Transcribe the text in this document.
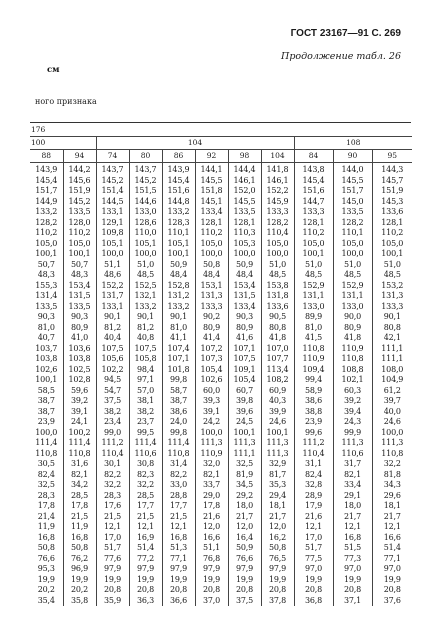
ГОСТ 23167—91 С. 269
Продолжение табл. 26
см
ного признака
176										
100		104						108		
88	94	74	80	86	92	98	104	84	90	95
143,9	144,2	143,7	143,7	143,9	144,1	144,4	141,8	143,8	144,0	144,3
145,4	145,6	145,2	145,2	145,4	145,5	146,1	146,1	145,4	145,5	145,7
151,7	151,9	151,4	151,5	151,6	151,8	152,0	152,2	151,6	151,7	151,9
144,9	145,2	144,5	144,6	144,8	145,1	145,5	145,9	144,7	145,0	145,3
133,2	133,5	133,1	133,0	133,2	133,4	133,5	133,3	133,3	133,5	133,6
128,2	128,0	129,1	128,6	128,3	128,1	128,1	128,2	128,1	128,2	128,1
110,2	110,2	109,8	110,0	110,1	110,2	110,3	110,4	110,2	110,1	110,2
105,0	105,0	105,1	105,1	105,1	105,0	105,3	105,0	105,0	105,0	105,0
100,1	100,1	100,0	100,0	100,1	100,0	100,0	100,0	100,1	100,0	100,1
50,7	50,7	51,1	51,0	50,9	50,8	50,9	51,0	51,0	51,0	51,0
48,3	48,3	48,6	48,5	48,4	48,4	48,4	48,5	48,5	48,5	48,5
155,3	153,4	152,2	152,5	152,8	153,1	153,4	153,8	152,9	152,9	153,2
131,4	131,5	131,7	132,1	131,2	131,3	131,5	131,8	131,1	131,1	131,3
133,5	133,5	133,1	133,2	133,2	133,3	133,4	133,6	133,0	133,0	133,3
90,3	90,3	90,1	90,1	90,1	90,2	90,3	90,5	89,9	90,0	90,1
81,0	80,9	81,2	81,2	81,0	80,9	80,9	80,8	81,0	80,9	80,8
40,7	41,0	40,4	40,8	41,1	41,4	41,6	41,8	41,5	41,8	42,1
103,7	103,6	107,5	107,5	107,4	107,2	107,1	107,0	110,8	110,9	111,1
103,8	103,8	105,6	105,8	107,1	107,3	107,5	107,7	110,9	110,8	111,1
102,6	102,5	102,2	98,4	101,8	105,4	109,1	113,4	109,4	108,8	108,0
100,1	102,8	94,5	97,1	99,8	102,6	105,4	108,2	99,4	102,1	104,9
58,5	59,6	54,7	57,0	58,7	60,0	60,7	60,9	58,9	60,3	61,2
38,7	39,2	37,5	38,1	38,7	39,3	39,8	40,3	38,6	39,2	39,7
38,7	39,1	38,2	38,2	38,6	39,1	39,6	39,9	38,8	39,4	40,0
23,9	24,1	23,4	23,7	24,0	24,2	24,5	24,6	23,9	24,3	24,6
100,0	100,2	99,0	99,5	99,8	100,0	100,1	100,1	99,6	99,9	100,0
111,4	111,4	111,2	111,4	111,4	111,3	111,3	111,3	111,2	111,3	111,3
110,8	110,8	110,4	110,6	110,8	110,9	111,1	111,3	110,4	110,6	110,8
30,5	31,6	30,1	30,8	31,4	32,0	32,5	32,9	31,1	31,7	32,2
82,4	82,1	82,2	82,3	82,2	82,1	81,9	81,7	82,4	82,1	81,8
32,5	34,2	32,2	32,2	33,0	33,7	34,5	35,3	32,8	33,4	34,3
28,3	28,5	28,3	28,5	28,8	29,0	29,2	29,4	28,9	29,1	29,6
17,8	17,8	17,6	17,7	17,7	17,8	18,0	18,1	17,9	18,0	18,1
21,4	21,5	21,5	21,5	21,5	21,6	21,7	21,7	21,6	21,7	21,7
11,9	11,9	12,1	12,1	12,1	12,0	12,0	12,0	12,1	12,1	12,1
16,8	16,8	17,0	16,9	16,8	16,6	16,4	16,2	17,0	16,8	16,6
50,8	50,8	51,7	51,4	51,3	51,1	50,9	50,8	51,7	51,5	51,4
76,6	76,2	77,6	77,2	77,1	76,8	76,6	76,5	77,5	77,3	77,1
95,3	96,9	97,9	97,9	97,9	97,9	97,9	97,9	97,0	97,0	97,0
19,9	19,9	19,9	19,9	19,9	19,9	19,9	19,9	19,9	19,9	19,9
20,2	20,2	20,8	20,8	20,8	20,8	20,8	20,8	20,8	20,8	20,8
35,4	35,8	35,9	36,3	36,6	37,0	37,5	37,8	36,8	37,1	37,6
